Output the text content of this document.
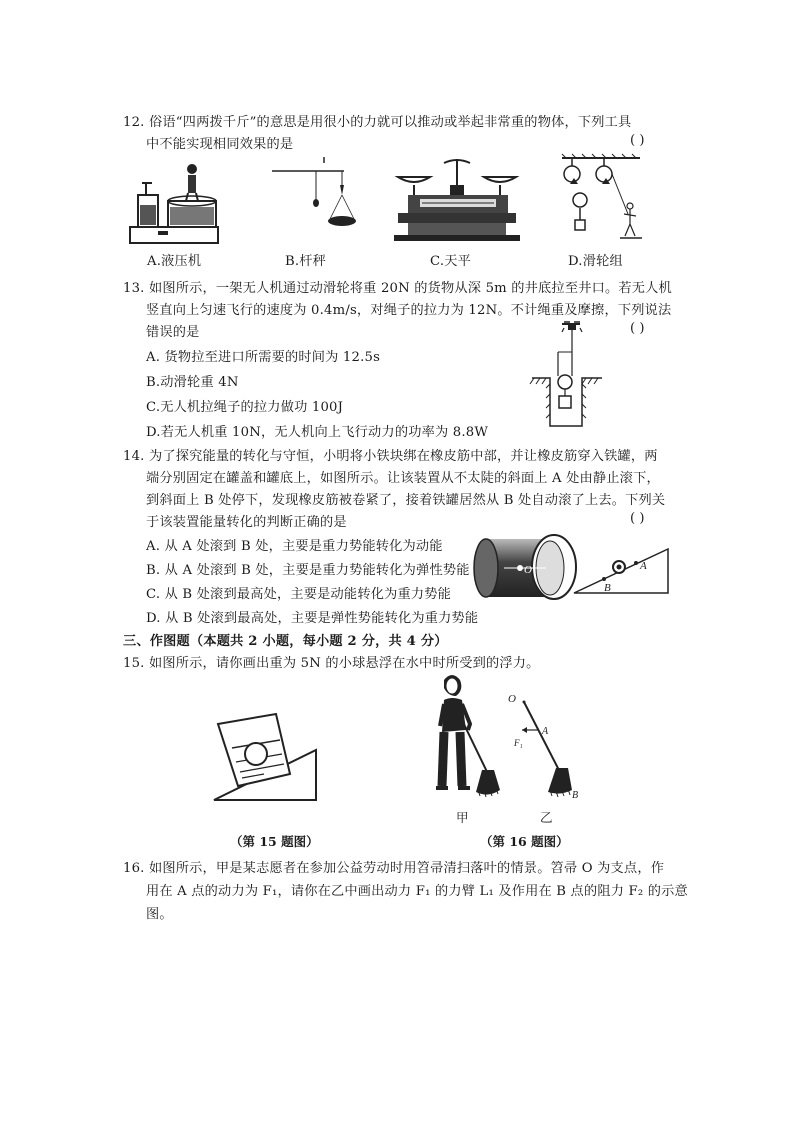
12. 俗语“四两拨千斤”的意思是用很小的力就可以推动或举起非常重的物体，下列工具
中不能实现相同效果的是	( )
A.液压机	B.杆秤	C.天平	D.滑轮组
13. 如图所示，一架无人机通过动滑轮将重 20N 的货物从深 5m 的井底拉至井口。若无人机
竖直向上匀速飞行的速度为 0.4m/s，对绳子的拉力为 12N。不计绳重及摩擦，下列说法
错误的是	( )
A. 货物拉至进口所需要的时间为 12.5s
B.动滑轮重 4N
C.无人机拉绳子的拉力做功 100J
D.若无人机重 10N，无人机向上飞行动力的功率为 8.8W
14. 为了探究能量的转化与守恒，小明将小铁块绑在橡皮筋中部，并让橡皮筋穿入铁罐，两
端分别固定在罐盖和罐底上，如图所示。让该装置从不太陡的斜面上 A 处由静止滚下，
到斜面上 B 处停下，发现橡皮筋被卷紧了，接着铁罐居然从 B 处自动滚了上去。下列关
于该装置能量转化的判断正确的是	( )
A. 从 A 处滚到 B 处，主要是重力势能转化为动能
B. 从 A 处滚到 B 处，主要是重力势能转化为弹性势能
C. 从 B 处滚到最高处，主要是动能转化为重力势能
D. 从 B 处滚到最高处，主要是弹性势能转化为重力势能
O
B
A
三、作图题（本题共 2 小题，每小题 2 分，共 4 分）
15. 如图所示，请你画出重为 5N 的小球悬浮在水中时所受到的浮力。
（第 15 题图）
甲
O
A
F₁
B
乙
（第 16 题图）
16. 如图所示，甲是某志愿者在参加公益劳动时用笤帚清扫落叶的情景。笤帚 O 为支点，作
用在 A 点的动力为 F₁，请你在乙中画出动力 F₁ 的力臂 L₁ 及作用在 B 点的阻力 F₂ 的示意
图。
